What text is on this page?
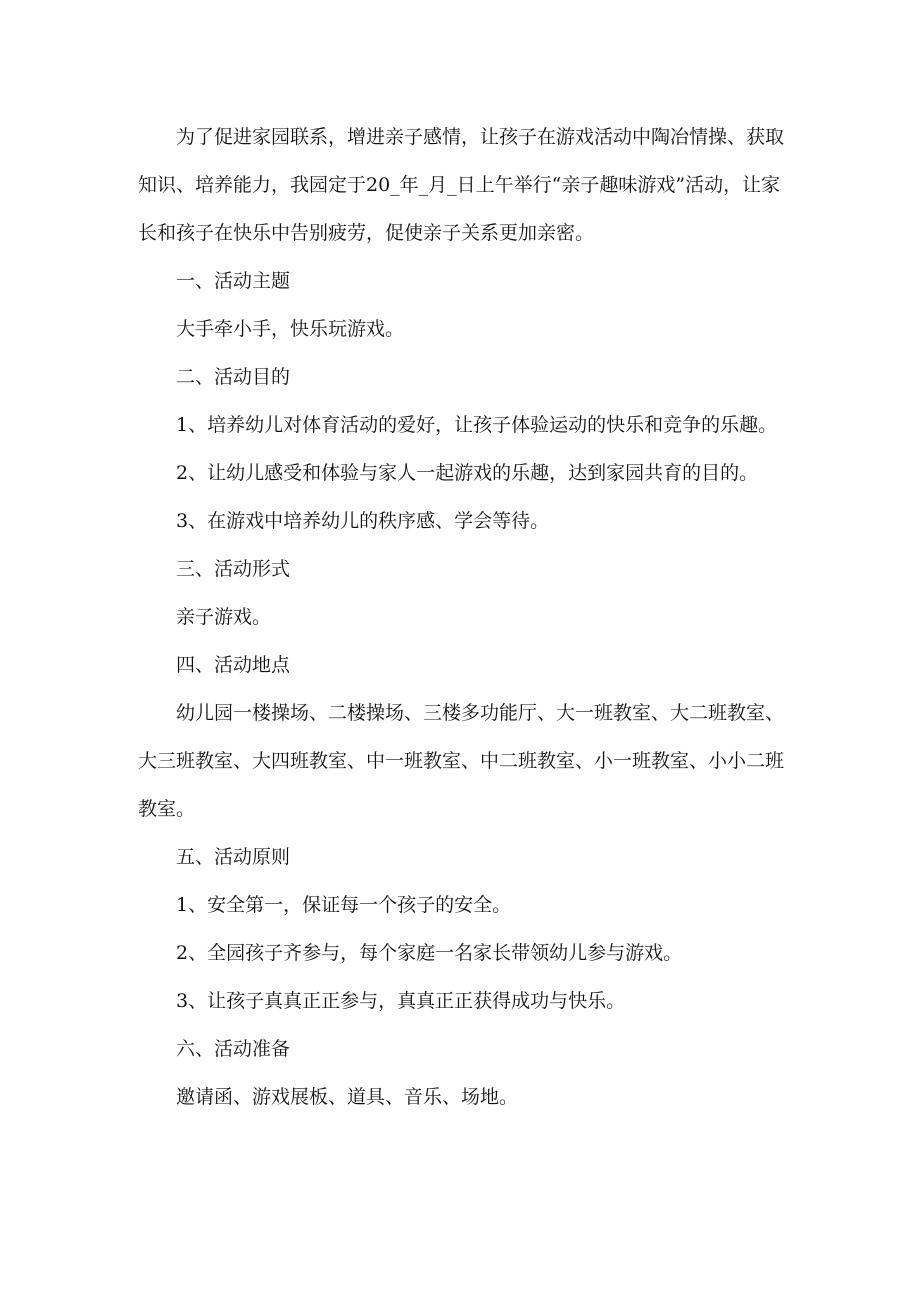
为了促进家园联系，增进亲子感情，让孩子在游戏活动中陶冶情操、获取知识、培养能力，我园定于20_年_月_日上午举行“亲子趣味游戏”活动，让家长和孩子在快乐中告别疲劳，促使亲子关系更加亲密。

一、活动主题

大手牵小手，快乐玩游戏。

二、活动目的

1、培养幼儿对体育活动的爱好，让孩子体验运动的快乐和竞争的乐趣。

2、让幼儿感受和体验与家人一起游戏的乐趣，达到家园共育的目的。

3、在游戏中培养幼儿的秩序感、学会等待。

三、活动形式

亲子游戏。

四、活动地点

幼儿园一楼操场、二楼操场、三楼多功能厅、大一班教室、大二班教室、大三班教室、大四班教室、中一班教室、中二班教室、小一班教室、小小二班教室。

五、活动原则

1、安全第一，保证每一个孩子的安全。

2、全园孩子齐参与，每个家庭一名家长带领幼儿参与游戏。

3、让孩子真真正正参与，真真正正获得成功与快乐。

六、活动准备

邀请函、游戏展板、道具、音乐、场地。
